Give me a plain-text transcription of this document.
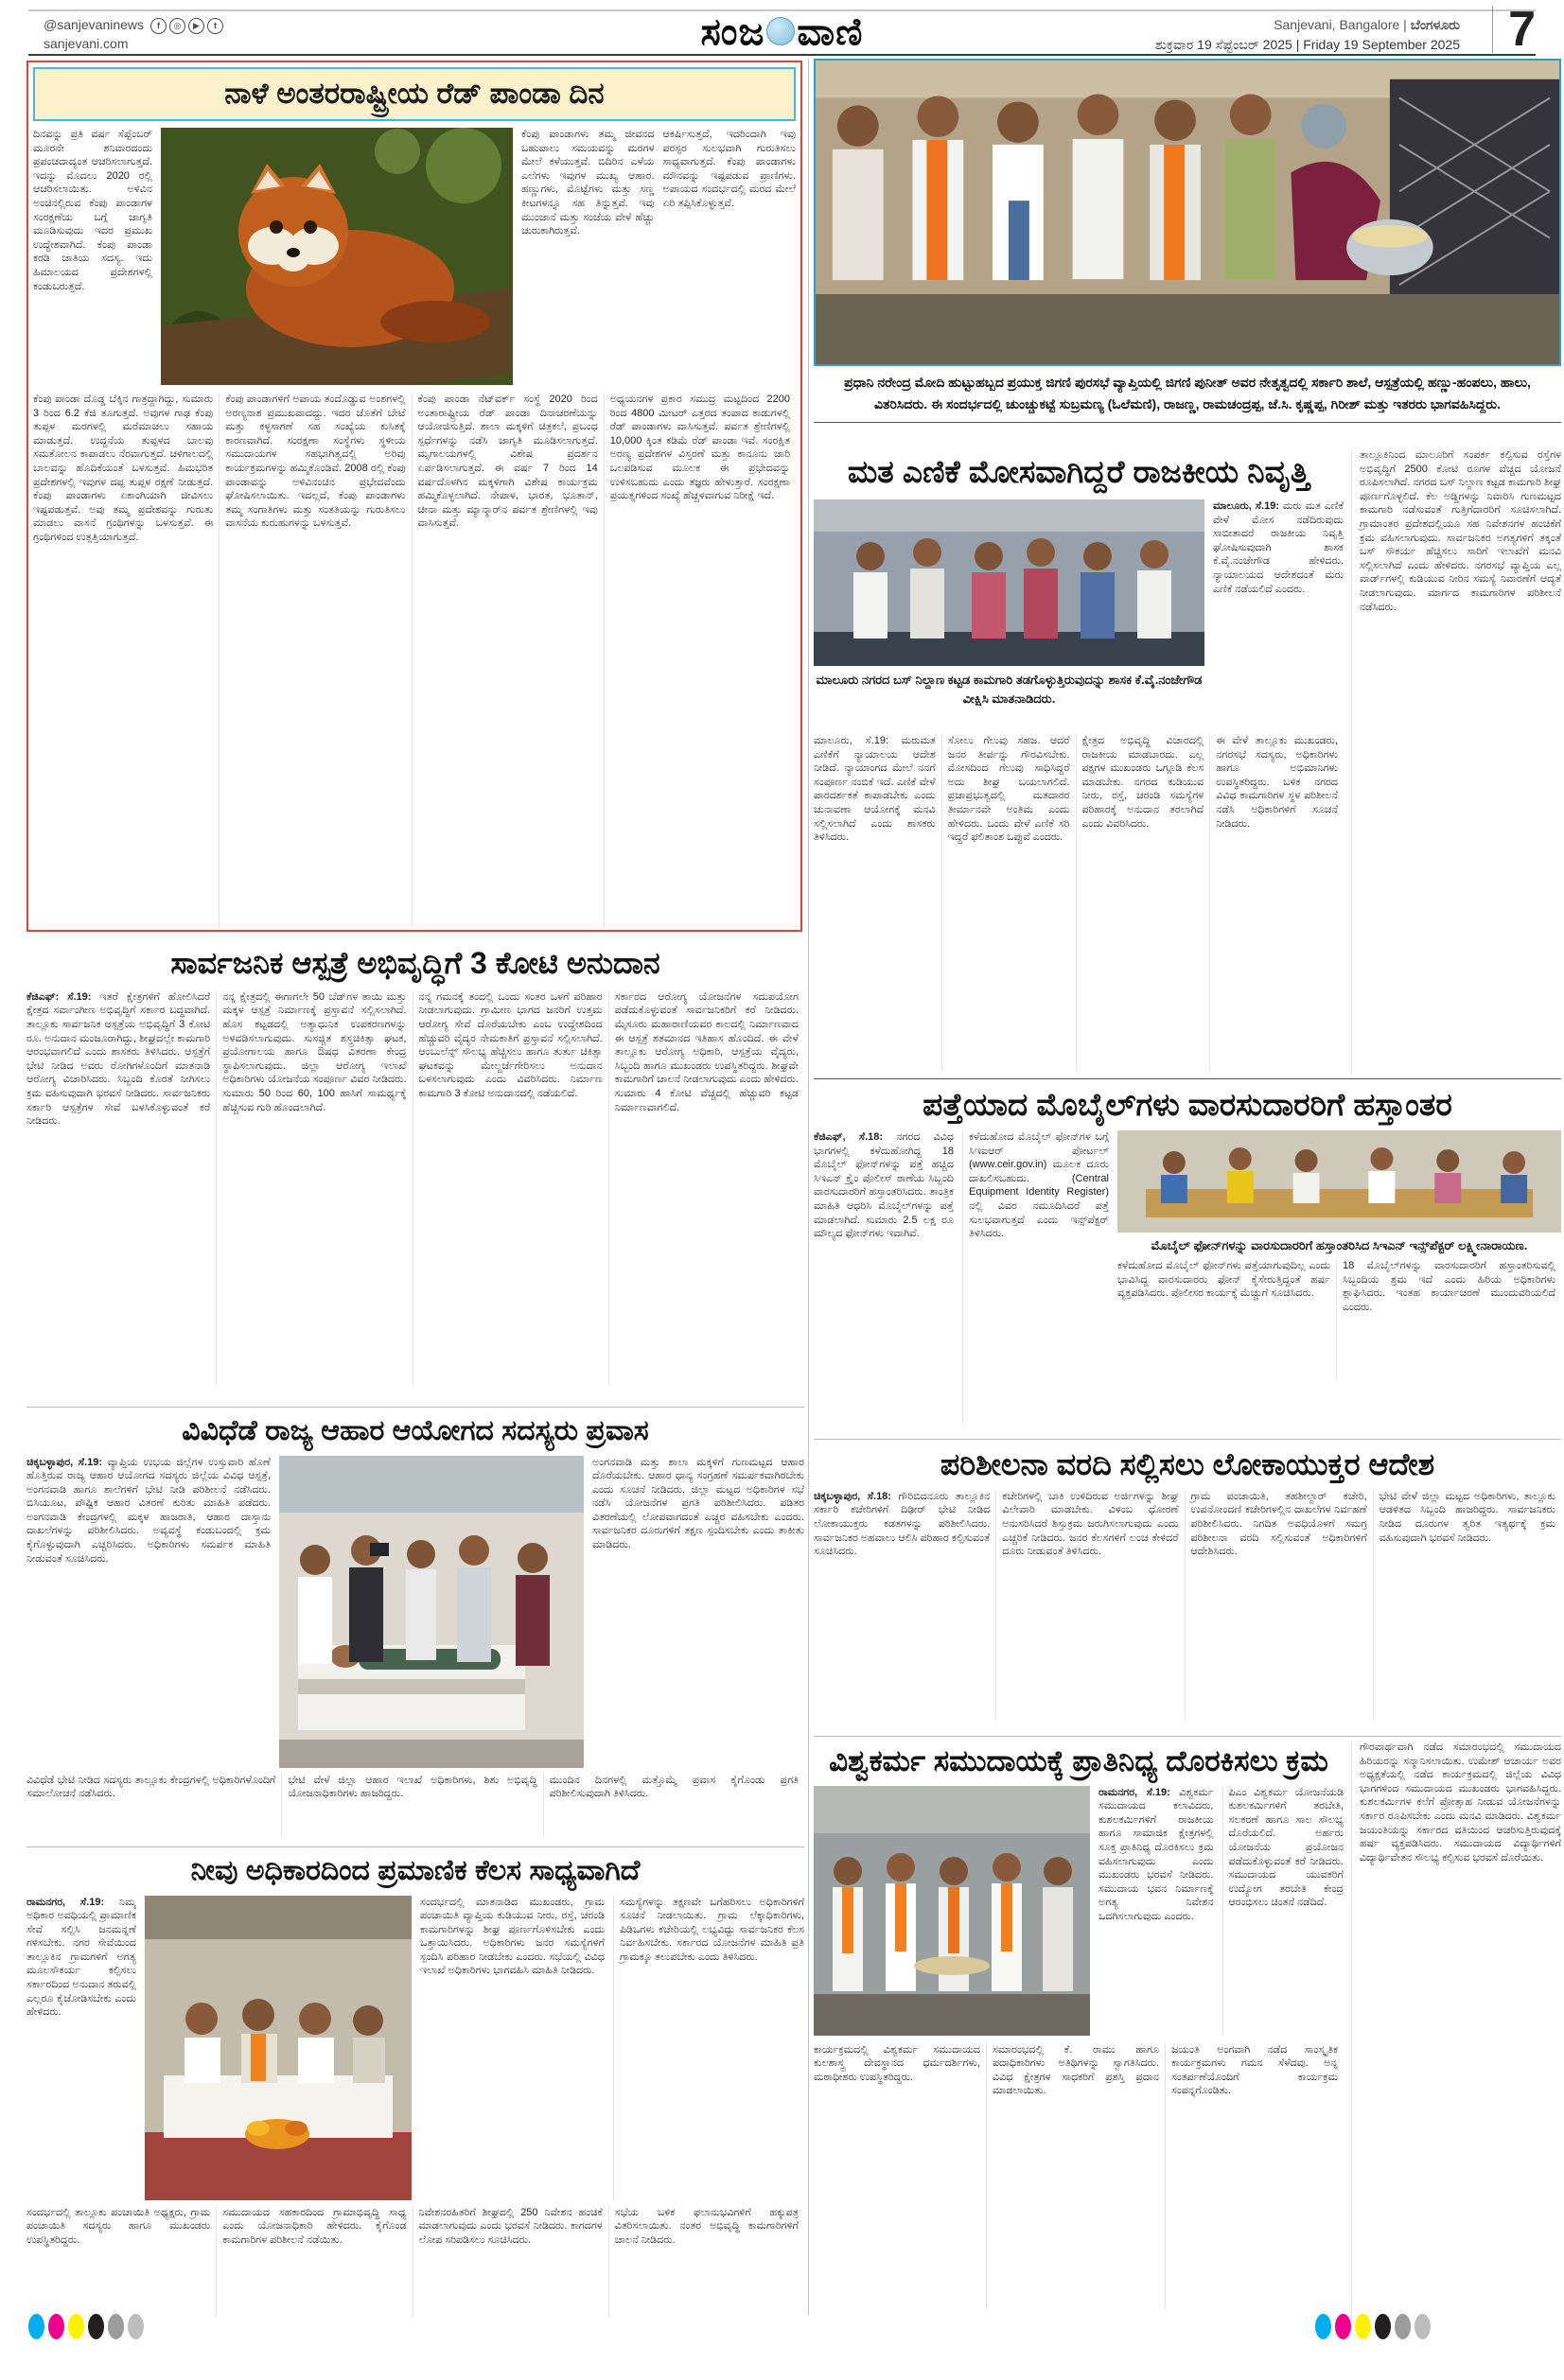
@sanjevaninews f ◎ ▶ t
sanjevani.com	ಸಂಜ ವಾಣಿ	Sanjevani, Bangalore | ಬೆಂಗಳೂರು
ಶುಕ್ರವಾರ 19 ಸೆಪ್ಟೆಂಬರ್ 2025 | Friday 19 September 2025 7
ನಾಳೆ ಅಂತರರಾಷ್ಟ್ರೀಯ ರೆಡ್ ಪಾಂಡಾ ದಿನ
ದಿನವನ್ನು ಪ್ರತಿ ವರ್ಷ ಸೆಪ್ಟೆಂಬರ್ ಮೂರನೇ ಶನಿವಾರದಂದು ಪ್ರಪಂಚದಾದ್ಯಂತ ಆಚರಿಸಲಾಗುತ್ತದೆ. ಇದನ್ನು ಮೊದಲು 2020 ರಲ್ಲಿ ಆಚರಿಸಲಾಯಿತು. ಅಳಿವಿನ ಅಂಚಿನಲ್ಲಿರುವ ಕೆಂಪು ಪಾಂಡಾಗಳ ಸಂರಕ್ಷಣೆಯ ಬಗ್ಗೆ ಜಾಗೃತಿ ಮೂಡಿಸುವುದು ಇದರ ಪ್ರಮುಖ ಉದ್ದೇಶವಾಗಿದೆ. ಕೆಂಪು ಪಾಂಡಾ ಕರಡಿ ಜಾತಿಯ ಸದಸ್ಯ. ಇದು ಹಿಮಾಲಯದ ಪ್ರದೇಶಗಳಲ್ಲಿ ಕಂಡುಬರುತ್ತದೆ.
ಕೆಂಪು ಪಾಂಡಾಗಳು ತಮ್ಮ ಜೀವನದ ಬಹುಪಾಲು ಸಮಯವನ್ನು ಮರಗಳ ಮೇಲೆ ಕಳೆಯುತ್ತವೆ. ಬಿದಿರಿನ ಎಳೆಯ ಎಲೆಗಳು ಇವುಗಳ ಮುಖ್ಯ ಆಹಾರ. ಹಣ್ಣುಗಳು, ಮೊಟ್ಟೆಗಳು ಮತ್ತು ಸಣ್ಣ ಕೀಟಗಳನ್ನೂ ಸಹ ತಿನ್ನುತ್ತವೆ. ಇವು ಮುಂಜಾನೆ ಮತ್ತು ಸಂಜೆಯ ವೇಳೆ ಹೆಚ್ಚು ಚುರುಕಾಗಿರುತ್ತವೆ.
ಆಕರ್ಷಿಸುತ್ತದೆ, ಇದರಿಂದಾಗಿ ಇವು ಪರಸ್ಪರ ಸುಲಭವಾಗಿ ಗುರುತಿಸಲು ಸಾಧ್ಯವಾಗುತ್ತದೆ. ಕೆಂಪು ಪಾಂಡಾಗಳು ಮೌನವನ್ನು ಇಷ್ಟಪಡುವ ಪ್ರಾಣಿಗಳು. ಅಪಾಯದ ಸಂದರ್ಭದಲ್ಲಿ ಮರದ ಮೇಲೆ ಏರಿ ತಪ್ಪಿಸಿಕೊಳ್ಳುತ್ತವೆ.
ಕೆಂಪು ಪಾಂಡಾ ದೊಡ್ಡ ಬೆಕ್ಕಿನ ಗಾತ್ರದ್ದಾಗಿದ್ದು, ಸುಮಾರು 3 ರಿಂದ 6.2 ಕೆಜಿ ತೂಗುತ್ತದೆ. ಅವುಗಳ ಗಾಢ ಕೆಂಪು ತುಪ್ಪಳ ಮರಗಳಲ್ಲಿ ಮರೆಮಾಚಲು ಸಹಾಯ ಮಾಡುತ್ತದೆ. ಉದ್ದನೆಯ ತುಪ್ಪಳದ ಬಾಲವು ಸಮತೋಲನ ಕಾಪಾಡಲು ನೆರವಾಗುತ್ತದೆ. ಚಳಿಗಾಲದಲ್ಲಿ ಬಾಲವನ್ನು ಹೊದಿಕೆಯಂತೆ ಬಳಸುತ್ತವೆ. ಹಿಮಭರಿತ ಪ್ರದೇಶಗಳಲ್ಲಿ ಇವುಗಳ ದಪ್ಪ ತುಪ್ಪಳ ರಕ್ಷಣೆ ನೀಡುತ್ತದೆ. ಕೆಂಪು ಪಾಂಡಾಗಳು ಏಕಾಂಗಿಯಾಗಿ ಜೀವಿಸಲು ಇಷ್ಟಪಡುತ್ತವೆ. ಅವು ತಮ್ಮ ಪ್ರದೇಶವನ್ನು ಗುರುತು ಮಾಡಲು ವಾಸನೆ ಗ್ರಂಥಿಗಳನ್ನು ಬಳಸುತ್ತವೆ. ಈ ಗ್ರಂಥಿಗಳಿಂದ ಉತ್ಪತ್ತಿಯಾಗುತ್ತದೆ.
ಕೆಂಪು ಪಾಂಡಾಗಳಿಗೆ ಅಪಾಯ ತಂದೊಡ್ಡುವ ಅಂಶಗಳಲ್ಲಿ ಅರಣ್ಯನಾಶ ಪ್ರಮುಖವಾದದ್ದು. ಇದರ ಜೊತೆಗೆ ಬೇಟೆ ಮತ್ತು ಕಳ್ಳಸಾಗಣೆ ಸಹ ಸಂಖ್ಯೆಯ ಕುಸಿತಕ್ಕೆ ಕಾರಣವಾಗಿದೆ. ಸಂರಕ್ಷಣಾ ಸಂಸ್ಥೆಗಳು ಸ್ಥಳೀಯ ಸಮುದಾಯಗಳ ಸಹಭಾಗಿತ್ವದಲ್ಲಿ ಅರಿವು ಕಾರ್ಯಕ್ರಮಗಳನ್ನು ಹಮ್ಮಿಕೊಂಡಿವೆ. 2008 ರಲ್ಲಿ ಕೆಂಪು ಪಾಂಡಾವನ್ನು ಅಳಿವಿನಂಚಿನ ಪ್ರಭೇದವೆಂದು ಘೋಷಿಸಲಾಯಿತು. ಇದಲ್ಲದೆ, ಕೆಂಪು ಪಾಂಡಾಗಳು ತಮ್ಮ ಸಂಗಾತಿಗಳು ಮತ್ತು ಸಂತತಿಯನ್ನು ಗುರುತಿಸಲು ವಾಸನೆಯ ಕುರುಹುಗಳನ್ನು ಬಳಸುತ್ತವೆ.
ಕೆಂಪು ಪಾಂಡಾ ನೆಟ್‌ವರ್ಕ್ ಸಂಸ್ಥೆ 2020 ರಿಂದ ಅಂತಾರಾಷ್ಟ್ರೀಯ ರೆಡ್ ಪಾಂಡಾ ದಿನಾಚರಣೆಯನ್ನು ಆಯೋಜಿಸುತ್ತಿದೆ. ಶಾಲಾ ಮಕ್ಕಳಿಗೆ ಚಿತ್ರಕಲೆ, ಪ್ರಬಂಧ ಸ್ಪರ್ಧೆಗಳನ್ನು ನಡೆಸಿ ಜಾಗೃತಿ ಮೂಡಿಸಲಾಗುತ್ತದೆ. ಮೃಗಾಲಯಗಳಲ್ಲಿ ವಿಶೇಷ ಪ್ರದರ್ಶನ ಏರ್ಪಡಿಸಲಾಗುತ್ತದೆ. ಈ ವರ್ಷ 7 ರಿಂದ 14 ವರ್ಷದೊಳಗಿನ ಮಕ್ಕಳಿಗಾಗಿ ವಿಶೇಷ ಕಾರ್ಯಕ್ರಮ ಹಮ್ಮಿಕೊಳ್ಳಲಾಗಿದೆ. ನೇಪಾಳ, ಭಾರತ, ಭೂತಾನ್, ಚೀನಾ ಮತ್ತು ಮ್ಯಾನ್ಮಾರ್‌ನ ಪರ್ವತ ಶ್ರೇಣಿಗಳಲ್ಲಿ ಇವು ವಾಸಿಸುತ್ತವೆ.
ಅಧ್ಯಯನಗಳ ಪ್ರಕಾರ ಸಮುದ್ರ ಮಟ್ಟದಿಂದ 2200 ರಿಂದ 4800 ಮೀಟರ್ ಎತ್ತರದ ತಂಪಾದ ಕಾಡುಗಳಲ್ಲಿ ರೆಡ್ ಪಾಂಡಾಗಳು ವಾಸಿಸುತ್ತವೆ. ಪರ್ವತ ಶ್ರೇಣಿಗಳಲ್ಲಿ 10,000 ಕ್ಕಿಂತ ಕಡಿಮೆ ರೆಡ್ ಪಾಂಡಾ ಇವೆ. ಸಂರಕ್ಷಿತ ಅರಣ್ಯ ಪ್ರದೇಶಗಳ ವಿಸ್ತರಣೆ ಮತ್ತು ಕಾನೂನು ಜಾರಿ ಬಲಪಡಿಸುವ ಮೂಲಕ ಈ ಪ್ರಭೇದವನ್ನು ಉಳಿಸಬಹುದು ಎಂದು ತಜ್ಞರು ಹೇಳುತ್ತಾರೆ. ಸಂರಕ್ಷಣಾ ಪ್ರಯತ್ನಗಳಿಂದ ಸಂಖ್ಯೆ ಹೆಚ್ಚಳವಾಗುವ ನಿರೀಕ್ಷೆ ಇದೆ.
ಸಾರ್ವಜನಿಕ ಆಸ್ಪತ್ರೆ ಅಭಿವೃದ್ಧಿಗೆ 3 ಕೋಟಿ ಅನುದಾನ
ಕೆಜಿಎಫ್: ಸೆ.19: ಇತರೆ ಕ್ಷೇತ್ರಗಳಿಗೆ ಹೋಲಿಸಿದರೆ ಕ್ಷೇತ್ರದ ಸರ್ವಾಂಗೀಣ ಅಭಿವೃದ್ಧಿಗೆ ಸರ್ಕಾರ ಬದ್ಧವಾಗಿದೆ. ತಾಲ್ಲೂಕು ಸಾರ್ವಜನಿಕ ಆಸ್ಪತ್ರೆಯ ಅಭಿವೃದ್ಧಿಗೆ 3 ಕೋಟಿ ರೂ. ಅನುದಾನ ಮಂಜೂರಾಗಿದ್ದು, ಶೀಘ್ರದಲ್ಲೇ ಕಾಮಗಾರಿ ಆರಂಭವಾಗಲಿದೆ ಎಂದು ಶಾಸಕರು ತಿಳಿಸಿದರು. ಆಸ್ಪತ್ರೆಗೆ ಭೇಟಿ ನೀಡಿದ ಅವರು ರೋಗಿಗಳೊಂದಿಗೆ ಮಾತನಾಡಿ ಆರೋಗ್ಯ ವಿಚಾರಿಸಿದರು. ಸಿಬ್ಬಂದಿ ಕೊರತೆ ನೀಗಿಸಲು ಕ್ರಮ ವಹಿಸುವುದಾಗಿ ಭರವಸೆ ನೀಡಿದರು. ಸಾರ್ವಜನಿಕರು ಸರ್ಕಾರಿ ಆಸ್ಪತ್ರೆಗಳ ಸೇವೆ ಬಳಸಿಕೊಳ್ಳುವಂತೆ ಕರೆ ನೀಡಿದರು.
ನನ್ನ ಕ್ಷೇತ್ರದಲ್ಲಿ ಈಗಾಗಲೇ 50 ಬೆಡ್‌ಗಳ ತಾಯಿ ಮತ್ತು ಮಕ್ಕಳ ಆಸ್ಪತ್ರೆ ನಿರ್ಮಾಣಕ್ಕೆ ಪ್ರಸ್ತಾವನೆ ಸಲ್ಲಿಸಲಾಗಿದೆ. ಹೊಸ ಕಟ್ಟಡದಲ್ಲಿ ಅತ್ಯಾಧುನಿಕ ಉಪಕರಣಗಳನ್ನು ಅಳವಡಿಸಲಾಗುವುದು. ಸುಸಜ್ಜಿತ ಶಸ್ತ್ರಚಿಕಿತ್ಸಾ ಘಟಕ, ಪ್ರಯೋಗಾಲಯ ಹಾಗೂ ಔಷಧ ವಿತರಣಾ ಕೇಂದ್ರ ಸ್ಥಾಪಿಸಲಾಗುವುದು. ಜಿಲ್ಲಾ ಆರೋಗ್ಯ ಇಲಾಖೆ ಅಧಿಕಾರಿಗಳು ಯೋಜನೆಯ ಸಂಪೂರ್ಣ ವಿವರ ನೀಡಿದರು. ಸುಮಾರು 50 ರಿಂದ 60, 100 ಹಾಸಿಗೆ ಸಾಮರ್ಥ್ಯಕ್ಕೆ ಹೆಚ್ಚಿಸುವ ಗುರಿ ಹೊಂದಲಾಗಿದೆ.
ನನ್ನ ಗಮನಕ್ಕೆ ತಂದಲ್ಲಿ ಒಂದು ಸಂತರ ಒಳಗೆ ಪರಿಹಾರ ನೀಡಲಾಗುವುದು. ಗ್ರಾಮೀಣ ಭಾಗದ ಜನರಿಗೆ ಉತ್ತಮ ಆರೋಗ್ಯ ಸೇವೆ ದೊರೆಯಬೇಕು ಎಂಬ ಉದ್ದೇಶದಿಂದ ಹೆಚ್ಚುವರಿ ವೈದ್ಯರ ನೇಮಕಾತಿಗೆ ಪ್ರಸ್ತಾವನೆ ಸಲ್ಲಿಸಲಾಗಿದೆ. ಆಂಬುಲೆನ್ಸ್ ಸೌಲಭ್ಯ ಹೆಚ್ಚಿಸಲು ಹಾಗೂ ತುರ್ತು ಚಿಕಿತ್ಸಾ ಘಟಕವನ್ನು ಮೇಲ್ದರ್ಜೆಗೇರಿಸಲು ಅನುದಾನ ಬಳಸಲಾಗುವುದು ಎಂದು ವಿವರಿಸಿದರು. ನಿರ್ಮಾಣ ಕಾಮಗಾರಿ 3 ಕೋಟಿ ಅನುದಾನದಲ್ಲಿ ನಡೆಯಲಿದೆ.
ಸರ್ಕಾರದ ಆರೋಗ್ಯ ಯೋಜನೆಗಳ ಸದುಪಯೋಗ ಪಡೆದುಕೊಳ್ಳುವಂತೆ ಸಾರ್ವಜನಿಕರಿಗೆ ಕರೆ ನೀಡಿದರು. ಮೈಸೂರು ಮಹಾರಾಣಿಯವರ ಕಾಲದಲ್ಲಿ ನಿರ್ಮಾಣವಾದ ಈ ಆಸ್ಪತ್ರೆ ಶತಮಾನದ ಇತಿಹಾಸ ಹೊಂದಿದೆ. ಈ ವೇಳೆ ತಾಲ್ಲೂಕು ಆರೋಗ್ಯ ಅಧಿಕಾರಿ, ಆಸ್ಪತ್ರೆಯ ವೈದ್ಯರು, ಸಿಬ್ಬಂದಿ ಹಾಗೂ ಮುಖಂಡರು ಉಪಸ್ಥಿತರಿದ್ದರು. ಶೀಘ್ರವೇ ಕಾಮಗಾರಿಗೆ ಚಾಲನೆ ನೀಡಲಾಗುವುದು ಎಂದು ಹೇಳಿದರು. ಸುಮಾರು 4 ಕೋಟಿ ವೆಚ್ಚದಲ್ಲಿ ಹೆಚ್ಚುವರಿ ಕಟ್ಟಡ ನಿರ್ಮಾಣವಾಗಲಿದೆ.
ವಿವಿಧೆಡೆ ರಾಜ್ಯ ಆಹಾರ ಆಯೋಗದ ಸದಸ್ಯರು ಪ್ರವಾಸ
ಚಿಕ್ಕಬಳ್ಳಾಪುರ, ಸೆ.19: ವ್ಯಾಪ್ತಿಯ ಉಭಯ ಜಿಲ್ಲೆಗಳ ಉಸ್ತುವಾರಿ ಹೊಣೆ ಹೊತ್ತಿರುವ ರಾಜ್ಯ ಆಹಾರ ಆಯೋಗದ ಸದಸ್ಯರು ಜಿಲ್ಲೆಯ ವಿವಿಧ ಆಸ್ಪತ್ರೆ, ಅಂಗನವಾಡಿ ಹಾಗೂ ಶಾಲೆಗಳಿಗೆ ಭೇಟಿ ನೀಡಿ ಪರಿಶೀಲನೆ ನಡೆಸಿದರು. ಬಿಸಿಯೂಟ, ಪೌಷ್ಟಿಕ ಆಹಾರ ವಿತರಣೆ ಕುರಿತು ಮಾಹಿತಿ ಪಡೆದರು. ಅಂಗನವಾಡಿ ಕೇಂದ್ರಗಳಲ್ಲಿ ಮಕ್ಕಳ ಹಾಜರಾತಿ, ಆಹಾರ ದಾಸ್ತಾನು ದಾಖಲೆಗಳನ್ನು ಪರಿಶೀಲಿಸಿದರು. ಅವ್ಯವಸ್ಥೆ ಕಂಡುಬಂದಲ್ಲಿ ಕ್ರಮ ಕೈಗೊಳ್ಳುವುದಾಗಿ ಎಚ್ಚರಿಸಿದರು. ಅಧಿಕಾರಿಗಳು ಸಮರ್ಪಕ ಮಾಹಿತಿ ನೀಡುವಂತೆ ಸೂಚಿಸಿದರು.
ಅಂಗನವಾಡಿ ಮತ್ತು ಶಾಲಾ ಮಕ್ಕಳಿಗೆ ಗುಣಮಟ್ಟದ ಆಹಾರ ದೊರೆಯಬೇಕು. ಆಹಾರ ಧಾನ್ಯ ಸಂಗ್ರಹಣೆ ಸಮರ್ಪಕವಾಗಿರಬೇಕು ಎಂದು ಸೂಚನೆ ನೀಡಿದರು. ಜಿಲ್ಲಾ ಮಟ್ಟದ ಅಧಿಕಾರಿಗಳ ಸಭೆ ನಡೆಸಿ ಯೋಜನೆಗಳ ಪ್ರಗತಿ ಪರಿಶೀಲಿಸಿದರು. ಪಡಿತರ ವಿತರಣೆಯಲ್ಲಿ ಲೋಪವಾಗದಂತೆ ಎಚ್ಚರ ವಹಿಸಬೇಕು ಎಂದರು. ಸಾರ್ವಜನಿಕರ ದೂರುಗಳಿಗೆ ತಕ್ಷಣ ಸ್ಪಂದಿಸಬೇಕು ಎಂದು ತಾಕೀತು ಮಾಡಿದರು.
ವಿವಿಧೆಡೆ ಭೇಟಿ ನೀಡಿದ ಸದಸ್ಯರು ತಾಲ್ಲೂಕು ಕೇಂದ್ರಗಳಲ್ಲಿ ಅಧಿಕಾರಿಗಳೊಂದಿಗೆ ಸಮಾಲೋಚನೆ ನಡೆಸಿದರು.
ಭೇಟಿ ವೇಳೆ ಜಿಲ್ಲಾ ಆಹಾರ ಇಲಾಖೆ ಅಧಿಕಾರಿಗಳು, ಶಿಶು ಅಭಿವೃದ್ಧಿ ಯೋಜನಾಧಿಕಾರಿಗಳು ಹಾಜರಿದ್ದರು.
ಮುಂದಿನ ದಿನಗಳಲ್ಲಿ ಮತ್ತೊಮ್ಮೆ ಪ್ರವಾಸ ಕೈಗೊಂಡು ಪ್ರಗತಿ ಪರಿಶೀಲಿಸುವುದಾಗಿ ತಿಳಿಸಿದರು.
ನೀವು ಅಧಿಕಾರದಿಂದ ಪ್ರಮಾಣಿಕ ಕೆಲಸ ಸಾಧ್ಯವಾಗಿದೆ
ರಾಮನಗರ, ಸೆ.19: ನಿಮ್ಮ ಅಧಿಕಾರ ಅವಧಿಯಲ್ಲಿ ಪ್ರಾಮಾಣಿಕ ಸೇವೆ ಸಲ್ಲಿಸಿ ಜನಮನ್ನಣೆ ಗಳಿಸಬೇಕು. ನಗರ ಸೇವೆಯಿಂದ ತಾಲ್ಲೂಕಿನ ಗ್ರಾಮಗಳಿಗೆ ಅಗತ್ಯ ಮೂಲಸೌಕರ್ಯ ಕಲ್ಪಿಸಲು ಸರ್ಕಾರದಿಂದ ಅನುದಾನ ತರುವಲ್ಲಿ ಎಲ್ಲರೂ ಕೈಜೋಡಿಸಬೇಕು ಎಂದು ಹೇಳಿದರು.
ಸಂದರ್ಭದಲ್ಲಿ ಮಾತನಾಡಿದ ಮುಖಂಡರು, ಗ್ರಾಮ ಪಂಚಾಯಿತಿ ವ್ಯಾಪ್ತಿಯ ಕುಡಿಯುವ ನೀರು, ರಸ್ತೆ, ಚರಂಡಿ ಕಾಮಗಾರಿಗಳನ್ನು ಶೀಘ್ರ ಪೂರ್ಣಗೊಳಿಸಬೇಕು ಎಂದು ಒತ್ತಾಯಿಸಿದರು. ಅಧಿಕಾರಿಗಳು ಜನರ ಸಮಸ್ಯೆಗಳಿಗೆ ಸ್ಪಂದಿಸಿ ಪರಿಹಾರ ನೀಡಬೇಕು ಎಂದರು. ಸಭೆಯಲ್ಲಿ ವಿವಿಧ ಇಲಾಖೆ ಅಧಿಕಾರಿಗಳು ಭಾಗವಹಿಸಿ ಮಾಹಿತಿ ನೀಡಿದರು.
ಸಮಸ್ಯೆಗಳನ್ನು ತಕ್ಷಣವೇ ಬಗೆಹರಿಸಲು ಅಧಿಕಾರಿಗಳಿಗೆ ಸೂಚನೆ ನೀಡಲಾಯಿತು. ಗ್ರಾಮ ಲೆಕ್ಕಾಧಿಕಾರಿಗಳು, ಪಿಡಿಒಗಳು ಕಚೇರಿಯಲ್ಲಿ ಲಭ್ಯವಿದ್ದು ಸಾರ್ವಜನಿಕರ ಕೆಲಸ ನಿರ್ವಹಿಸಬೇಕು. ಸರ್ಕಾರದ ಯೋಜನೆಗಳ ಮಾಹಿತಿ ಪ್ರತಿ ಗ್ರಾಮಕ್ಕೂ ತಲುಪಬೇಕು ಎಂದು ತಿಳಿಸಿದರು.
ಸಂದರ್ಭದಲ್ಲಿ ತಾಲ್ಲೂಕು ಪಂಚಾಯಿತಿ ಅಧ್ಯಕ್ಷರು, ಗ್ರಾಮ ಪಂಚಾಯಿತಿ ಸದಸ್ಯರು ಹಾಗೂ ಮುಖಂಡರು ಉಪಸ್ಥಿತರಿದ್ದರು.
ಸಮುದಾಯದ ಸಹಕಾರದಿಂದ ಗ್ರಾಮಾಭಿವೃದ್ಧಿ ಸಾಧ್ಯ ಎಂದು ಯೋಜನಾಧಿಕಾರಿ ಹೇಳಿದರು. ಕೈಗೊಂಡ ಕಾಮಗಾರಿಗಳ ಪರಿಶೀಲನೆ ನಡೆಯಿತು.
ನಿವೇಶನರಹಿತರಿಗೆ ಶೀಘ್ರದಲ್ಲಿ 250 ನಿವೇಶನ ಹಂಚಿಕೆ ಮಾಡಲಾಗುವುದು ಎಂದು ಭರವಸೆ ನೀಡಿದರು. ಕಾಗದಗಳ ಲೋಪ ಸರಿಪಡಿಸಲು ಸೂಚಿಸಿದರು.
ಸಭೆಯ ಬಳಿಕ ಫಲಾನುಭವಿಗಳಿಗೆ ಹಕ್ಕುಪತ್ರ ವಿತರಿಸಲಾಯಿತು. ನಂತರ ಅಭಿವೃದ್ಧಿ ಕಾಮಗಾರಿಗಳಿಗೆ ಚಾಲನೆ ನೀಡಿದರು.
ಪ್ರಧಾನಿ ನರೇಂದ್ರ ಮೋದಿ ಹುಟ್ಟುಹಬ್ಬದ ಪ್ರಯುಕ್ತ ಜಿಗಣಿ ಪುರಸಭೆ ವ್ಯಾಪ್ತಿಯಲ್ಲಿ ಜಿಗಣಿ ಪುನೀತ್ ಅವರ ನೇತೃತ್ವದಲ್ಲಿ ಸರ್ಕಾರಿ ಶಾಲೆ, ಆಸ್ಪತ್ರೆಯಲ್ಲಿ ಹಣ್ಣು-ಹಂಪಲು, ಹಾಲು, ವಿತರಿಸಿದರು. ಈ ಸಂದರ್ಭದಲ್ಲಿ ಚುಂಚ್ಚುಕಟ್ಟೆ ಸುಬ್ರಮಣ್ಯ (ಓಲೆಮಣಿ), ರಾಜಣ್ಣ, ರಾಮಚಂದ್ರಪ್ಪ, ಜೆ.ಸಿ. ಕೃಷ್ಣಪ್ಪ, ಗಿರೀಶ್ ಮತ್ತು ಇತರರು ಭಾಗವಹಿಸಿದ್ದರು.
ಮತ ಎಣಿಕೆ ಮೋಸವಾಗಿದ್ದರೆ ರಾಜಕೀಯ ನಿವೃತ್ತಿ
ಮಾಲೂರು ನಗರದ ಬಸ್ ನಿಲ್ದಾಣ ಕಟ್ಟಡ ಕಾಮಗಾರಿ ತಡಗೊಳ್ಳುತ್ತಿರುವುದನ್ನು ಶಾಸಕ ಕೆ.ವೈ.ನಂಜೇಗೌಡ ವೀಕ್ಷಿಸಿ ಮಾತನಾಡಿದರು.
ಮಾಲೂರು, ಸೆ.19: ಮರು ಮತ ಎಣಿಕೆ ವೇಳೆ ಮೋಸ ನಡೆದಿರುವುದು ಸಾಬೀತಾದರೆ ರಾಜಕೀಯ ನಿವೃತ್ತಿ ಘೋಷಿಸುವುದಾಗಿ ಶಾಸಕ ಕೆ.ವೈ.ನಂಜೇಗೌಡ ಹೇಳಿದರು. ನ್ಯಾಯಾಲಯದ ಆದೇಶದಂತೆ ಮರು ಎಣಿಕೆ ನಡೆಯಲಿದೆ ಎಂದರು.
ಮಾಲೂರು, ಸೆ.19: ಮರುಮತ ಎಣಿಕೆಗೆ ನ್ಯಾಯಾಲಯ ಆದೇಶ ನೀಡಿದೆ. ನ್ಯಾಯಾಂಗದ ಮೇಲೆ ನನಗೆ ಸಂಪೂರ್ಣ ನಂಬಿಕೆ ಇದೆ. ಎಣಿಕೆ ವೇಳೆ ಪಾರದರ್ಶಕತೆ ಕಾಪಾಡಬೇಕು ಎಂದು ಚುನಾವಣಾ ಆಯೋಗಕ್ಕೆ ಮನವಿ ಸಲ್ಲಿಸಲಾಗಿದೆ ಎಂದು ಶಾಸಕರು ತಿಳಿಸಿದರು.
ಸೋಲು ಗೆಲುವು ಸಹಜ. ಆದರೆ ಜನರ ತೀರ್ಪನ್ನು ಗೌರವಿಸಬೇಕು. ಮೋಸದಿಂದ ಗೆಲುವು ಸಾಧಿಸಿದ್ದರೆ ಅದು ಶೀಘ್ರ ಬಯಲಾಗಲಿದೆ. ಪ್ರಜಾಪ್ರಭುತ್ವದಲ್ಲಿ ಮತದಾರರ ತೀರ್ಮಾನವೇ ಅಂತಿಮ ಎಂದು ಹೇಳಿದರು. ಒಂದು ವೇಳೆ ಎಣಿಕೆ ಸರಿ ಇದ್ದರೆ ಫಲಿತಾಂಶ ಒಪ್ಪುವೆ ಎಂದರು.
ಕ್ಷೇತ್ರದ ಅಭಿವೃದ್ಧಿ ವಿಚಾರದಲ್ಲಿ ರಾಜಕೀಯ ಮಾಡಬಾರದು. ಎಲ್ಲ ಪಕ್ಷಗಳ ಮುಖಂಡರು ಒಗ್ಗೂಡಿ ಕೆಲಸ ಮಾಡಬೇಕು. ನಗರದ ಕುಡಿಯುವ ನೀರು, ರಸ್ತೆ, ಚರಂಡಿ ಸಮಸ್ಯೆಗಳ ಪರಿಹಾರಕ್ಕೆ ಅನುದಾನ ತರಲಾಗಿದೆ ಎಂದು ವಿವರಿಸಿದರು.
ಈ ವೇಳೆ ತಾಲ್ಲೂಕು ಮುಖಂಡರು, ನಗರಸಭೆ ಸದಸ್ಯರು, ಅಧಿಕಾರಿಗಳು ಹಾಗೂ ಅಭಿಮಾನಿಗಳು ಉಪಸ್ಥಿತರಿದ್ದರು. ಬಳಿಕ ನಗರದ ವಿವಿಧ ಕಾಮಗಾರಿಗಳ ಸ್ಥಳ ಪರಿಶೀಲನೆ ನಡೆಸಿ ಅಧಿಕಾರಿಗಳಿಗೆ ಸೂಚನೆ ನೀಡಿದರು.
ತಾಲ್ಲೂಕಿನಿಂದ ಮಾಲೂರಿಗೆ ಸಂಪರ್ಕ ಕಲ್ಪಿಸುವ ರಸ್ತೆಗಳ ಅಭಿವೃದ್ಧಿಗೆ 2500 ಕೋಟಿ ರೂಗಳ ವೆಚ್ಚದ ಯೋಜನೆ ರೂಪಿಸಲಾಗಿದೆ. ನಗರದ ಬಸ್ ನಿಲ್ದಾಣ ಕಟ್ಟಡ ಕಾಮಗಾರಿ ಶೀಘ್ರ ಪೂರ್ಣಗೊಳ್ಳಲಿದೆ. ಕೆಲ ಅಡ್ಡಿಗಳನ್ನು ನಿವಾರಿಸಿ ಗುಣಮಟ್ಟದ ಕಾಮಗಾರಿ ನಡೆಸುವಂತೆ ಗುತ್ತಿಗೆದಾರರಿಗೆ ಸೂಚಿಸಲಾಗಿದೆ. ಗ್ರಾಮಾಂತರ ಪ್ರದೇಶದಲ್ಲಿಯೂ ಸಹ ನಿವೇಶನಗಳ ಹಂಚಿಕೆಗೆ ಕ್ರಮ ವಹಿಸಲಾಗುವುದು. ಸಾರ್ವಜನಿಕರ ಅಗತ್ಯಗಳಿಗೆ ತಕ್ಕಂತೆ ಬಸ್ ಸೌಕರ್ಯ ಹೆಚ್ಚಿಸಲು ಸಾರಿಗೆ ಇಲಾಖೆಗೆ ಮನವಿ ಸಲ್ಲಿಸಲಾಗಿದೆ ಎಂದು ಹೇಳಿದರು. ನಗರಸಭೆ ವ್ಯಾಪ್ತಿಯ ಎಲ್ಲ ವಾರ್ಡ್‌ಗಳಲ್ಲಿ ಕುಡಿಯುವ ನೀರಿನ ಸಮಸ್ಯೆ ನಿವಾರಣೆಗೆ ಆದ್ಯತೆ ನೀಡಲಾಗುವುದು. ಮಾರ್ಗದ ಕಾಮಗಾರಿಗಳ ಪರಿಶೀಲನೆ ನಡೆಸಿದರು.
ಪತ್ತೆಯಾದ ಮೊಬೈಲ್‌ಗಳು ವಾರಸುದಾರರಿಗೆ ಹಸ್ತಾಂತರ
ಕೆಜಿಎಫ್, ಸೆ.18: ನಗರದ ವಿವಿಧ ಭಾಗಗಳಲ್ಲಿ ಕಳೆದುಹೋಗಿದ್ದ 18 ಮೊಬೈಲ್ ಫೋನ್‌ಗಳನ್ನು ಪತ್ತೆ ಹಚ್ಚಿದ ಸಿಇಎನ್ ಕ್ರೈಂ ಪೊಲೀಸ್ ಠಾಣೆಯ ಸಿಬ್ಬಂದಿ ವಾರಸುದಾರರಿಗೆ ಹಸ್ತಾಂತರಿಸಿದರು. ತಾಂತ್ರಿಕ ಮಾಹಿತಿ ಆಧರಿಸಿ ಮೊಬೈಲ್‌ಗಳನ್ನು ಪತ್ತೆ ಮಾಡಲಾಗಿದೆ. ಸುಮಾರು 2.5 ಲಕ್ಷ ರೂ ಮೌಲ್ಯದ ಫೋನ್‌ಗಳು ಇವಾಗಿವೆ.
ಕಳೆದುಹೋದ ಮೊಬೈಲ್ ಫೋನ್‌ಗಳ ಬಗ್ಗೆ ಸಿಇಐಆರ್ ಪೋರ್ಟಲ್ (www.ceir.gov.in) ಮೂಲಕ ದೂರು ದಾಖಲಿಸಬಹುದು. (Central Equipment Identity Register) ನಲ್ಲಿ ವಿವರ ನಮೂದಿಸಿದರೆ ಪತ್ತೆ ಸುಲಭವಾಗುತ್ತದೆ ಎಂದು ಇನ್ಸ್‌ಪೆಕ್ಟರ್ ತಿಳಿಸಿದರು.
ಮೊಬೈಲ್ ಫೋನ್‌ಗಳನ್ನು ವಾರಸುದಾರರಿಗೆ ಹಸ್ತಾಂತರಿಸಿದ ಸಿಇಎನ್ ಇನ್ಸ್‌ಪೆಕ್ಟರ್ ಲಕ್ಷ್ಮೀನಾರಾಯಣ.
ಕಳೆದುಹೋದ ಮೊಬೈಲ್ ಫೋನ್‌ಗಳು ಪತ್ತೆಯಾಗುವುದಿಲ್ಲ ಎಂದು ಭಾವಿಸಿದ್ದ ವಾರಸುದಾರರು ಫೋನ್ ಕೈಸೇರುತ್ತಿದ್ದಂತೆ ಹರ್ಷ ವ್ಯಕ್ತಪಡಿಸಿದರು. ಪೊಲೀಸರ ಕಾರ್ಯಕ್ಕೆ ಮೆಚ್ಚುಗೆ ಸೂಚಿಸಿದರು.
18 ಮೊಬೈಲ್‌ಗಳನ್ನು ವಾರಸುದಾರರಿಗೆ ಹಸ್ತಾಂತರಿಸುವಲ್ಲಿ ಸಿಬ್ಬಂದಿಯ ಶ್ರಮ ಇದೆ ಎಂದು ಹಿರಿಯ ಅಧಿಕಾರಿಗಳು ಶ್ಲಾಘಿಸಿದರು. ಇಂತಹ ಕಾರ್ಯಾಚರಣೆ ಮುಂದುವರಿಯಲಿದೆ ಎಂದರು.
ಪರಿಶೀಲನಾ ವರದಿ ಸಲ್ಲಿಸಲು ಲೋಕಾಯುಕ್ತರ ಆದೇಶ
ಚಿಕ್ಕಬಳ್ಳಾಪುರ, ಸೆ.18: ಗೌರಿಬಿದನೂರು ತಾಲ್ಲೂಕಿನ ಸರ್ಕಾರಿ ಕಚೇರಿಗಳಿಗೆ ದಿಢೀರ್ ಭೇಟಿ ನೀಡಿದ ಲೋಕಾಯುಕ್ತರು ಕಡತಗಳನ್ನು ಪರಿಶೀಲಿಸಿದರು. ಸಾರ್ವಜನಿಕರ ಅಹವಾಲು ಆಲಿಸಿ ಪರಿಹಾರ ಕಲ್ಪಿಸುವಂತೆ ಸೂಚಿಸಿದರು.
ಕಚೇರಿಗಳಲ್ಲಿ ಬಾಕಿ ಉಳಿದಿರುವ ಅರ್ಜಿಗಳನ್ನು ಶೀಘ್ರ ವಿಲೇವಾರಿ ಮಾಡಬೇಕು. ವಿಳಂಬ ಧೋರಣೆ ಅನುಸರಿಸಿದರೆ ಶಿಸ್ತುಕ್ರಮ ಜರುಗಿಸಲಾಗುವುದು ಎಂದು ಎಚ್ಚರಿಕೆ ನೀಡಿದರು. ಜನರ ಕೆಲಸಗಳಿಗೆ ಲಂಚ ಕೇಳಿದರೆ ದೂರು ನೀಡುವಂತೆ ತಿಳಿಸಿದರು.
ಗ್ರಾಮ ಪಂಚಾಯಿತಿ, ತಹಶೀಲ್ದಾರ್ ಕಚೇರಿ, ಉಪನೋಂದಣಿ ಕಚೇರಿಗಳಲ್ಲಿನ ದಾಖಲೆಗಳ ನಿರ್ವಹಣೆ ಪರಿಶೀಲಿಸಿದರು. ನಿಗದಿತ ಅವಧಿಯೊಳಗೆ ಸಮಗ್ರ ಪರಿಶೀಲನಾ ವರದಿ ಸಲ್ಲಿಸುವಂತೆ ಅಧಿಕಾರಿಗಳಿಗೆ ಆದೇಶಿಸಿದರು.
ಭೇಟಿ ವೇಳೆ ಜಿಲ್ಲಾ ಮಟ್ಟದ ಅಧಿಕಾರಿಗಳು, ತಾಲ್ಲೂಕು ಆಡಳಿತದ ಸಿಬ್ಬಂದಿ ಹಾಜರಿದ್ದರು. ಸಾರ್ವಜನಿಕರು ನೀಡಿದ ದೂರುಗಳ ತ್ವರಿತ ಇತ್ಯರ್ಥಕ್ಕೆ ಕ್ರಮ ವಹಿಸುವುದಾಗಿ ಭರವಸೆ ನೀಡಿದರು.
ವಿಶ್ವಕರ್ಮ ಸಮುದಾಯಕ್ಕೆ ಪ್ರಾತಿನಿಧ್ಯ ದೊರಕಿಸಲು ಕ್ರಮ
ರಾಮನಗರ, ಸೆ.19: ವಿಶ್ವಕರ್ಮ ಸಮುದಾಯದ ಕಲಾವಿದರು, ಕುಶಲಕರ್ಮಿಗಳಿಗೆ ರಾಜಕೀಯ ಹಾಗೂ ಸಾಮಾಜಿಕ ಕ್ಷೇತ್ರಗಳಲ್ಲಿ ಸೂಕ್ತ ಪ್ರಾತಿನಿಧ್ಯ ದೊರಕಿಸಲು ಕ್ರಮ ವಹಿಸಲಾಗುವುದು ಎಂದು ಮುಖಂಡರು ಭರವಸೆ ನೀಡಿದರು. ಸಮುದಾಯ ಭವನ ನಿರ್ಮಾಣಕ್ಕೆ ಅಗತ್ಯ ನಿವೇಶನ ಒದಗಿಸಲಾಗುವುದು ಎಂದರು.
ಪಿಎಂ ವಿಶ್ವಕರ್ಮ ಯೋಜನೆಯಡಿ ಕುಶಲಕರ್ಮಿಗಳಿಗೆ ತರಬೇತಿ, ಸಲಕರಣೆ ಹಾಗೂ ಸಾಲ ಸೌಲಭ್ಯ ದೊರೆಯಲಿದೆ. ಅರ್ಹರು ಯೋಜನೆಯ ಪ್ರಯೋಜನ ಪಡೆದುಕೊಳ್ಳುವಂತೆ ಕರೆ ನೀಡಿದರು. ಸಮುದಾಯದ ಯುವಕರಿಗೆ ಉದ್ಯೋಗ ತರಬೇತಿ ಕೇಂದ್ರ ಆರಂಭಿಸಲು ಚಿಂತನೆ ನಡೆದಿದೆ.
ಕಾರ್ಯಕ್ರಮದಲ್ಲಿ ವಿಶ್ವಕರ್ಮ ಸಮುದಾಯದ ಕುಲಶಾಸ್ತ್ರ ದೇವಸ್ಥಾನದ ಧರ್ಮದರ್ಶಿಗಳು, ಮಠಾಧೀಶರು ಉಪಸ್ಥಿತರಿದ್ದರು.
ಸಮಾರಂಭದಲ್ಲಿ ಕೆ. ರಾಮು ಹಾಗೂ ಪದಾಧಿಕಾರಿಗಳು ಅತಿಥಿಗಳನ್ನು ಸ್ವಾಗತಿಸಿದರು. ವಿವಿಧ ಕ್ಷೇತ್ರಗಳ ಸಾಧಕರಿಗೆ ಪ್ರಶಸ್ತಿ ಪ್ರದಾನ ಮಾಡಲಾಯಿತು.
ಜಯಂತಿ ಅಂಗವಾಗಿ ನಡೆದ ಸಾಂಸ್ಕೃತಿಕ ಕಾರ್ಯಕ್ರಮಗಳು ಗಮನ ಸೆಳೆದವು. ಅನ್ನ ಸಂತರ್ಪಣೆಯೊಂದಿಗೆ ಕಾರ್ಯಕ್ರಮ ಸಂಪನ್ನಗೊಂಡಿತು.
ಗೌರವಾರ್ಥವಾಗಿ ನಡೆದ ಸಮಾರಂಭದಲ್ಲಿ ಸಮುದಾಯದ ಹಿರಿಯರನ್ನು ಸನ್ಮಾನಿಸಲಾಯಿತು. ಉಮೇಶ್ ಆಚಾರ್ಯ ಅವರ ಅಧ್ಯಕ್ಷತೆಯಲ್ಲಿ ನಡೆದ ಕಾರ್ಯಕ್ರಮದಲ್ಲಿ ಜಿಲ್ಲೆಯ ವಿವಿಧ ಭಾಗಗಳಿಂದ ಸಮುದಾಯದ ಮುಖಂಡರು ಭಾಗವಹಿಸಿದ್ದರು. ಕುಶಲಕರ್ಮಿಗಳ ಕಲೆಗೆ ಪ್ರೋತ್ಸಾಹ ನೀಡುವ ಯೋಜನೆಗಳನ್ನು ಸರ್ಕಾರ ರೂಪಿಸಬೇಕು ಎಂದು ಮನವಿ ಮಾಡಿದರು. ವಿಶ್ವಕರ್ಮ ಜಯಂತಿಯನ್ನು ಸರ್ಕಾರದ ವತಿಯಿಂದ ಆಚರಿಸುತ್ತಿರುವುದಕ್ಕೆ ಹರ್ಷ ವ್ಯಕ್ತಪಡಿಸಿದರು. ಸಮುದಾಯದ ವಿದ್ಯಾರ್ಥಿಗಳಿಗೆ ವಿದ್ಯಾರ್ಥಿವೇತನ ಸೌಲಭ್ಯ ಕಲ್ಪಿಸುವ ಭರವಸೆ ದೊರೆಯಿತು.
